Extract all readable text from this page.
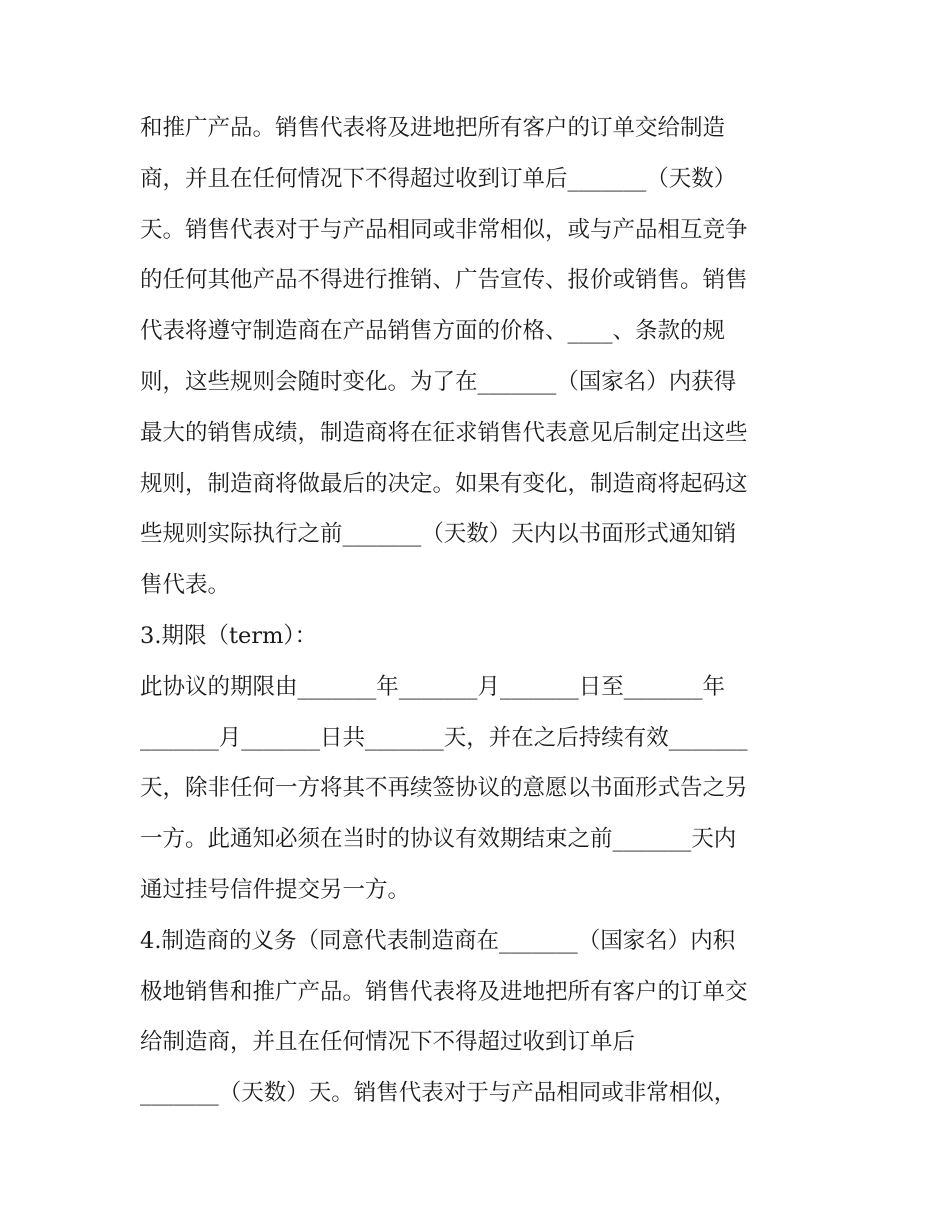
和推广产品。销售代表将及进地把所有客户的订单交给制造
商，并且在任何情况下不得超过收到订单后_______（天数）
天。销售代表对于与产品相同或非常相似，或与产品相互竞争
的任何其他产品不得进行推销、广告宣传、报价或销售。销售
代表将遵守制造商在产品销售方面的价格、____、条款的规
则，这些规则会随时变化。为了在_______（国家名）内获得
最大的销售成绩，制造商将在征求销售代表意见后制定出这些
规则，制造商将做最后的决定。如果有变化，制造商将起码这
些规则实际执行之前_______（天数）天内以书面形式通知销
售代表。
3.期限（term）：
此协议的期限由_______年_______月_______日至_______年
_______月_______日共_______天，并在之后持续有效_______
天，除非任何一方将其不再续签协议的意愿以书面形式告之另
一方。此通知必须在当时的协议有效期结束之前_______天内
通过挂号信件提交另一方。
4.制造商的义务（同意代表制造商在_______（国家名）内积
极地销售和推广产品。销售代表将及进地把所有客户的订单交
给制造商，并且在任何情况下不得超过收到订单后
_______（天数）天。销售代表对于与产品相同或非常相似，
